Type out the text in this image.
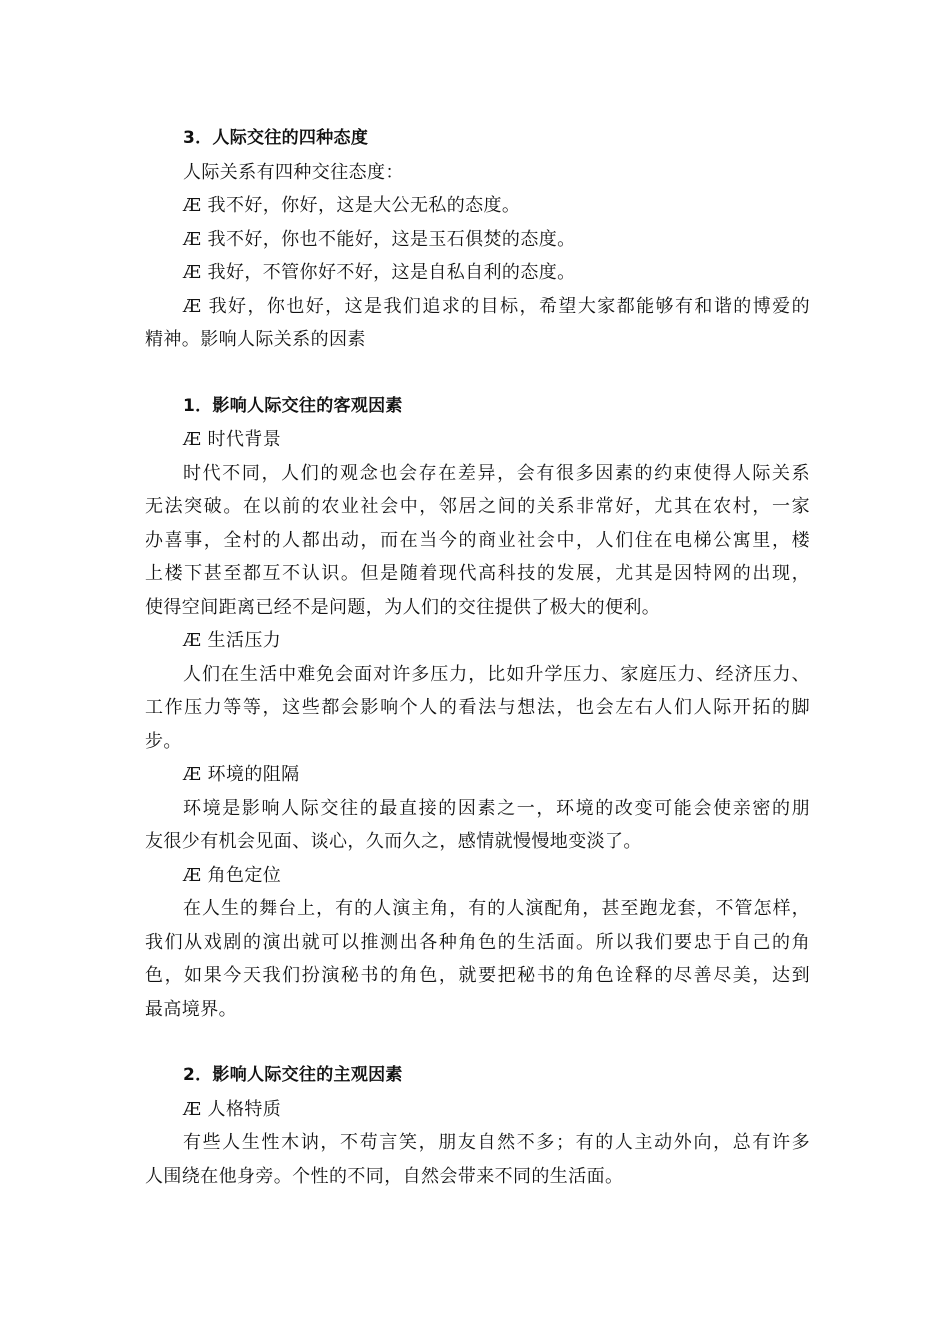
3．人际交往的四种态度
人际关系有四种交往态度：
Æ 我不好，你好，这是大公无私的态度。
Æ 我不好，你也不能好，这是玉石俱焚的态度。
Æ 我好，不管你好不好，这是自私自利的态度。
Æ 我好，你也好，这是我们追求的目标，希望大家都能够有和谐的博爱的
精神。影响人际关系的因素
1．影响人际交往的客观因素
Æ 时代背景
时代不同，人们的观念也会存在差异，会有很多因素的约束使得人际关系
无法突破。在以前的农业社会中，邻居之间的关系非常好，尤其在农村，一家
办喜事，全村的人都出动，而在当今的商业社会中，人们住在电梯公寓里，楼
上楼下甚至都互不认识。但是随着现代高科技的发展，尤其是因特网的出现，
使得空间距离已经不是问题，为人们的交往提供了极大的便利。
Æ 生活压力
人们在生活中难免会面对许多压力，比如升学压力、家庭压力、经济压力、
工作压力等等，这些都会影响个人的看法与想法，也会左右人们人际开拓的脚
步。
Æ 环境的阻隔
环境是影响人际交往的最直接的因素之一，环境的改变可能会使亲密的朋
友很少有机会见面、谈心，久而久之，感情就慢慢地变淡了。
Æ 角色定位
在人生的舞台上，有的人演主角，有的人演配角，甚至跑龙套，不管怎样，
我们从戏剧的演出就可以推测出各种角色的生活面。所以我们要忠于自己的角
色，如果今天我们扮演秘书的角色，就要把秘书的角色诠释的尽善尽美，达到
最高境界。
2．影响人际交往的主观因素
Æ 人格特质
有些人生性木讷，不苟言笑，朋友自然不多；有的人主动外向，总有许多
人围绕在他身旁。个性的不同，自然会带来不同的生活面。
